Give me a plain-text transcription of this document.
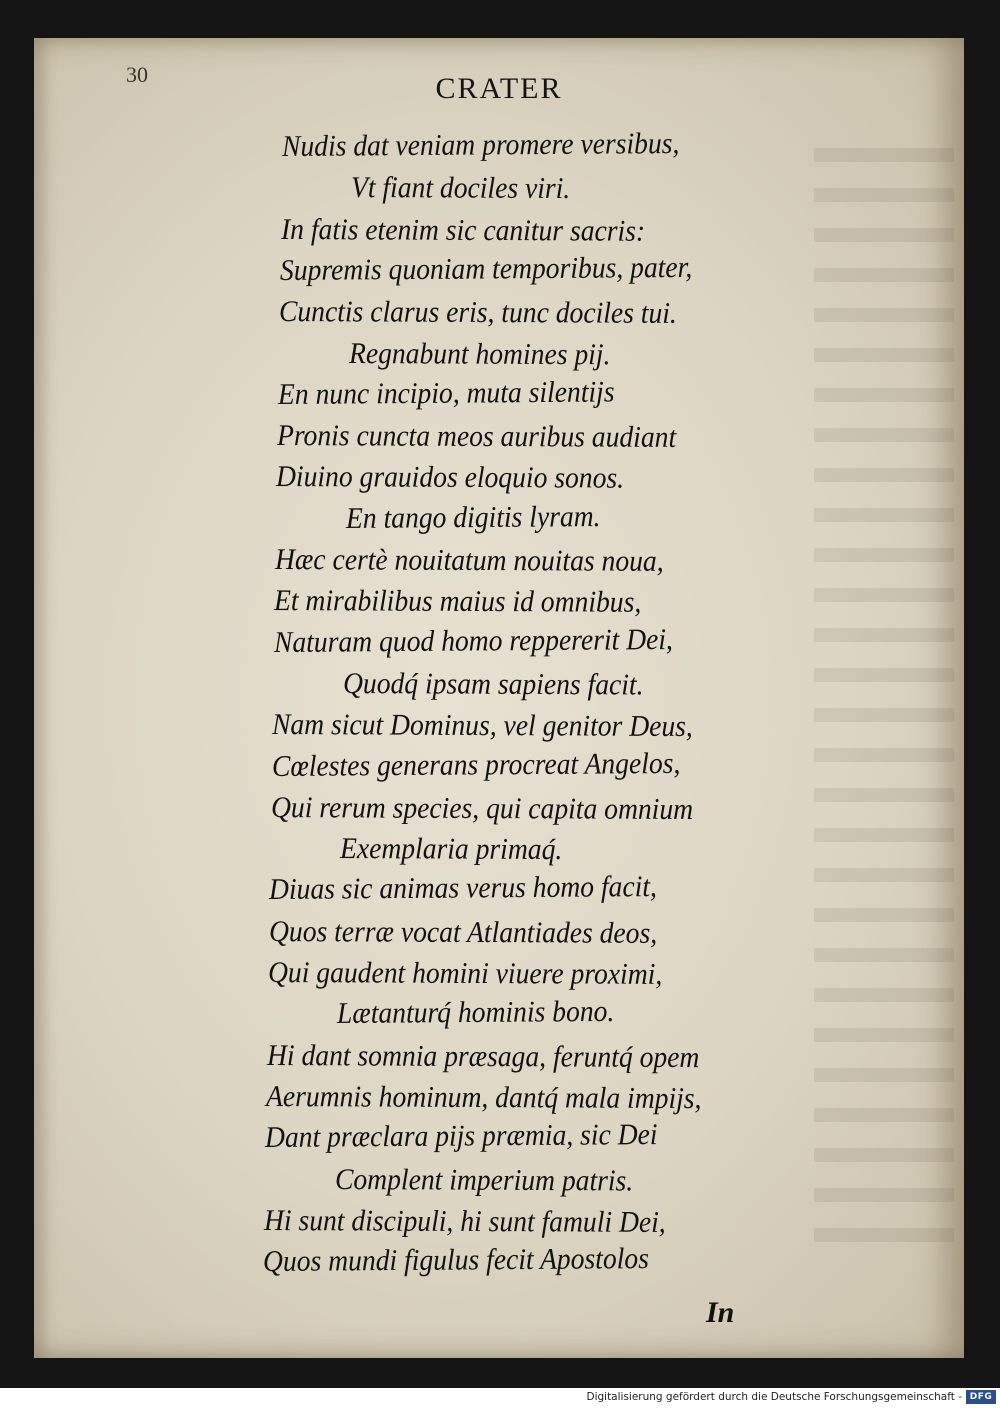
30	CRATER
Nudis dat veniam promere versibus,
Vt fiant dociles viri.
In fatis etenim sic canitur sacris:
Supremis quoniam temporibus, pater,
Cunctis clarus eris, tunc dociles tui.
Regnabunt homines pij.
En nunc incipio, muta silentijs
Pronis cuncta meos auribus audiant
Diuino grauidos eloquio sonos.
En tango digitis lyram.
Hæc certè nouitatum nouitas noua,
Et mirabilibus maius id omnibus,
Naturam quod homo reppererit Dei,
Quodq́ ipsam sapiens facit.
Nam sicut Dominus, vel genitor Deus,
Cœlestes generans procreat Angelos,
Qui rerum species, qui capita omnium
Exemplaria primaq́.
Diuas sic animas verus homo facit,
Quos terræ vocat Atlantiades deos,
Qui gaudent homini viuere proximi,
Lætanturq́ hominis bono.
Hi dant somnia præsaga, feruntq́ opem
Aerumnis hominum, dantq́ mala impijs,
Dant præclara pijs præmia, sic Dei
Complent imperium patris.
Hi sunt discipuli, hi sunt famuli Dei,
Quos mundi figulus fecit Apostolos

In

Digitalisierung gefördert durch die Deutsche Forschungsgemeinschaft - DFG
